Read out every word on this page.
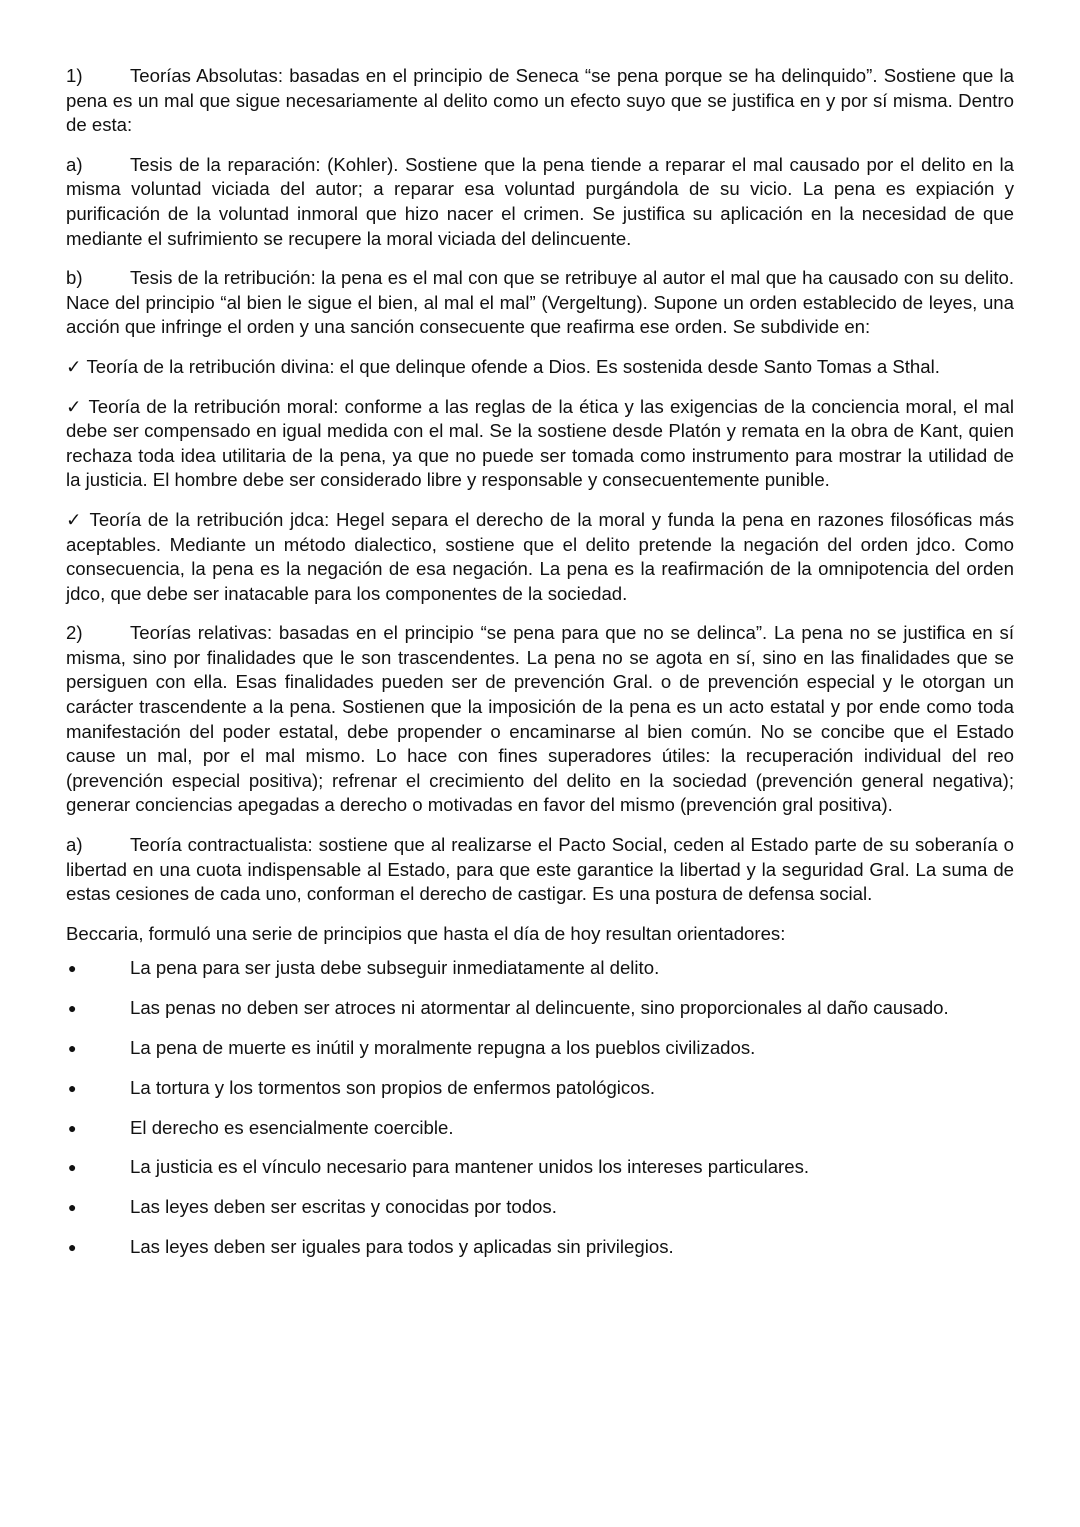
1)	Teorías Absolutas: basadas en el principio de Seneca “se pena porque se ha delinquido”. Sostiene que la pena es un mal que sigue necesariamente al delito como un efecto suyo que se justifica en y por sí misma. Dentro de esta:

a)	Tesis de la reparación: (Kohler). Sostiene que la pena tiende a reparar el mal causado por el delito en la misma voluntad viciada del autor; a reparar esa voluntad purgándola de su vicio. La pena es expiación y purificación de la voluntad inmoral que hizo nacer el crimen. Se justifica su aplicación en la necesidad de que mediante el sufrimiento se recupere la moral viciada del delincuente.

b)	Tesis de la retribución: la pena es el mal con que se retribuye al autor el mal que ha causado con su delito. Nace del principio “al bien le sigue el bien, al mal el mal” (Vergeltung). Supone un orden establecido de leyes, una acción que infringe el orden y una sanción consecuente que reafirma ese orden. Se subdivide en:

✓ Teoría de la retribución divina: el que delinque ofende a Dios. Es sostenida desde Santo Tomas a Sthal.

✓ Teoría de la retribución moral: conforme a las reglas de la ética y las exigencias de la conciencia moral, el mal debe ser compensado en igual medida con el mal. Se la sostiene desde Platón y remata en la obra de Kant, quien rechaza toda idea utilitaria de la pena, ya que no puede ser tomada como instrumento para mostrar la utilidad de la justicia. El hombre debe ser considerado libre y responsable y consecuentemente punible.

✓ Teoría de la retribución jdca: Hegel separa el derecho de la moral y funda la pena en razones filosóficas más aceptables. Mediante un método dialectico, sostiene que el delito pretende la negación del orden jdco. Como consecuencia, la pena es la negación de esa negación. La pena es la reafirmación de la omnipotencia del orden jdco, que debe ser inatacable para los componentes de la sociedad.

2)	Teorías relativas: basadas en el principio “se pena para que no se delinca”. La pena no se justifica en sí misma, sino por finalidades que le son trascendentes. La pena no se agota en sí, sino en las finalidades que se persiguen con ella. Esas finalidades pueden ser de prevención Gral. o de prevención especial y le otorgan un carácter trascendente a la pena. Sostienen que la imposición de la pena es un acto estatal y por ende como toda manifestación del poder estatal, debe propender o encaminarse al bien común. No se concibe que el Estado cause un mal, por el mal mismo. Lo hace con fines superadores útiles: la recuperación individual del reo (prevención especial positiva); refrenar el crecimiento del delito en la sociedad (prevención general negativa); generar conciencias apegadas a derecho o motivadas en favor del mismo (prevención gral positiva).

a)	Teoría contractualista: sostiene que al realizarse el Pacto Social, ceden al Estado parte de su soberanía o libertad en una cuota indispensable al Estado, para que este garantice la libertad y la seguridad Gral. La suma de estas cesiones de cada uno, conforman el derecho de castigar. Es una postura de defensa social.

Beccaria, formuló una serie de principios que hasta el día de hoy resultan orientadores:

●	La pena para ser justa debe subseguir inmediatamente al delito.
●	Las penas no deben ser atroces ni atormentar al delincuente, sino proporcionales al daño causado.
●	La pena de muerte es inútil y moralmente repugna a los pueblos civilizados.
●	La tortura y los tormentos son propios de enfermos patológicos.
●	El derecho es esencialmente coercible.
●	La justicia es el vínculo necesario para mantener unidos los intereses particulares.
●	Las leyes deben ser escritas y conocidas por todos.
●	Las leyes deben ser iguales para todos y aplicadas sin privilegios.
